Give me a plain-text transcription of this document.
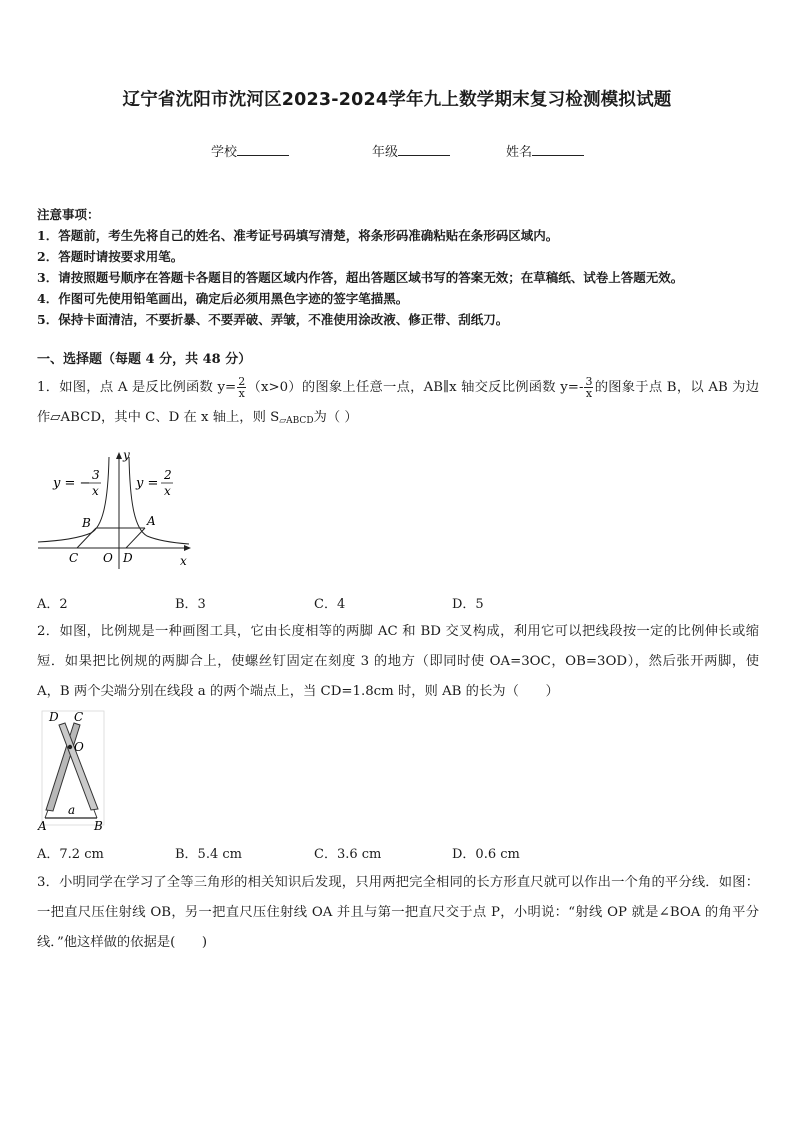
辽宁省沈阳市沈河区2023-2024学年九上数学期末复习检测模拟试题
学校	年级	姓名
注意事项：
1．答题前，考生先将自己的姓名、准考证号码填写清楚，将条形码准确粘贴在条形码区域内。
2．答题时请按要求用笔。
3．请按照题号顺序在答题卡各题目的答题区域内作答，超出答题区域书写的答案无效；在草稿纸、试卷上答题无效。
4．作图可先使用铅笔画出，确定后必须用黑色字迹的签字笔描黑。
5．保持卡面清洁，不要折暴、不要弄破、弄皱，不准使用涂改液、修正带、刮纸刀。
一、选择题（每题 4 分，共 48 分）
1．如图，点 A 是反比例函数 $y= \frac{2}{x} (x>0)$的图象上任意一点，AB∥x 轴交反比例函数 $y=- \frac{3}{x}$ 的图象于点 B，以 AB 为边作▱ABCD，其中 C、D 在 x 轴上，则 $S_{▱ABCD}$为（ ）
y = −
3
x	y =
2
x
y
x
B	A
C O D
A．2	B．3	C．4	D．5
2．如图，比例规是一种画图工具，它由长度相等的两脚 AC 和 BD 交叉构成，利用它可以把线段按一定的比例伸长或缩短．如果把比例规的两脚合上，使螺丝钉固定在刻度 3 的地方（即同时使 OA=3OC，OB=3OD），然后张开两脚，使 A，B 两个尖端分别在线段 a 的两个端点上，当 CD=1.8cm 时，则 AB 的长为（　　）
D C
O
a
A	B
A．7.2 cm	B．5.4 cm	C．3.6 cm	D．0.6 cm
3．小明同学在学习了全等三角形的相关知识后发现，只用两把完全相同的长方形直尺就可以作出一个角的平分线．如图：一把直尺压住射线 OB，另一把直尺压住射线 OA 并且与第一把直尺交于点 P，小明说：“射线 OP 就是∠BOA 的角平分线．”他这样做的依据是(　　)
